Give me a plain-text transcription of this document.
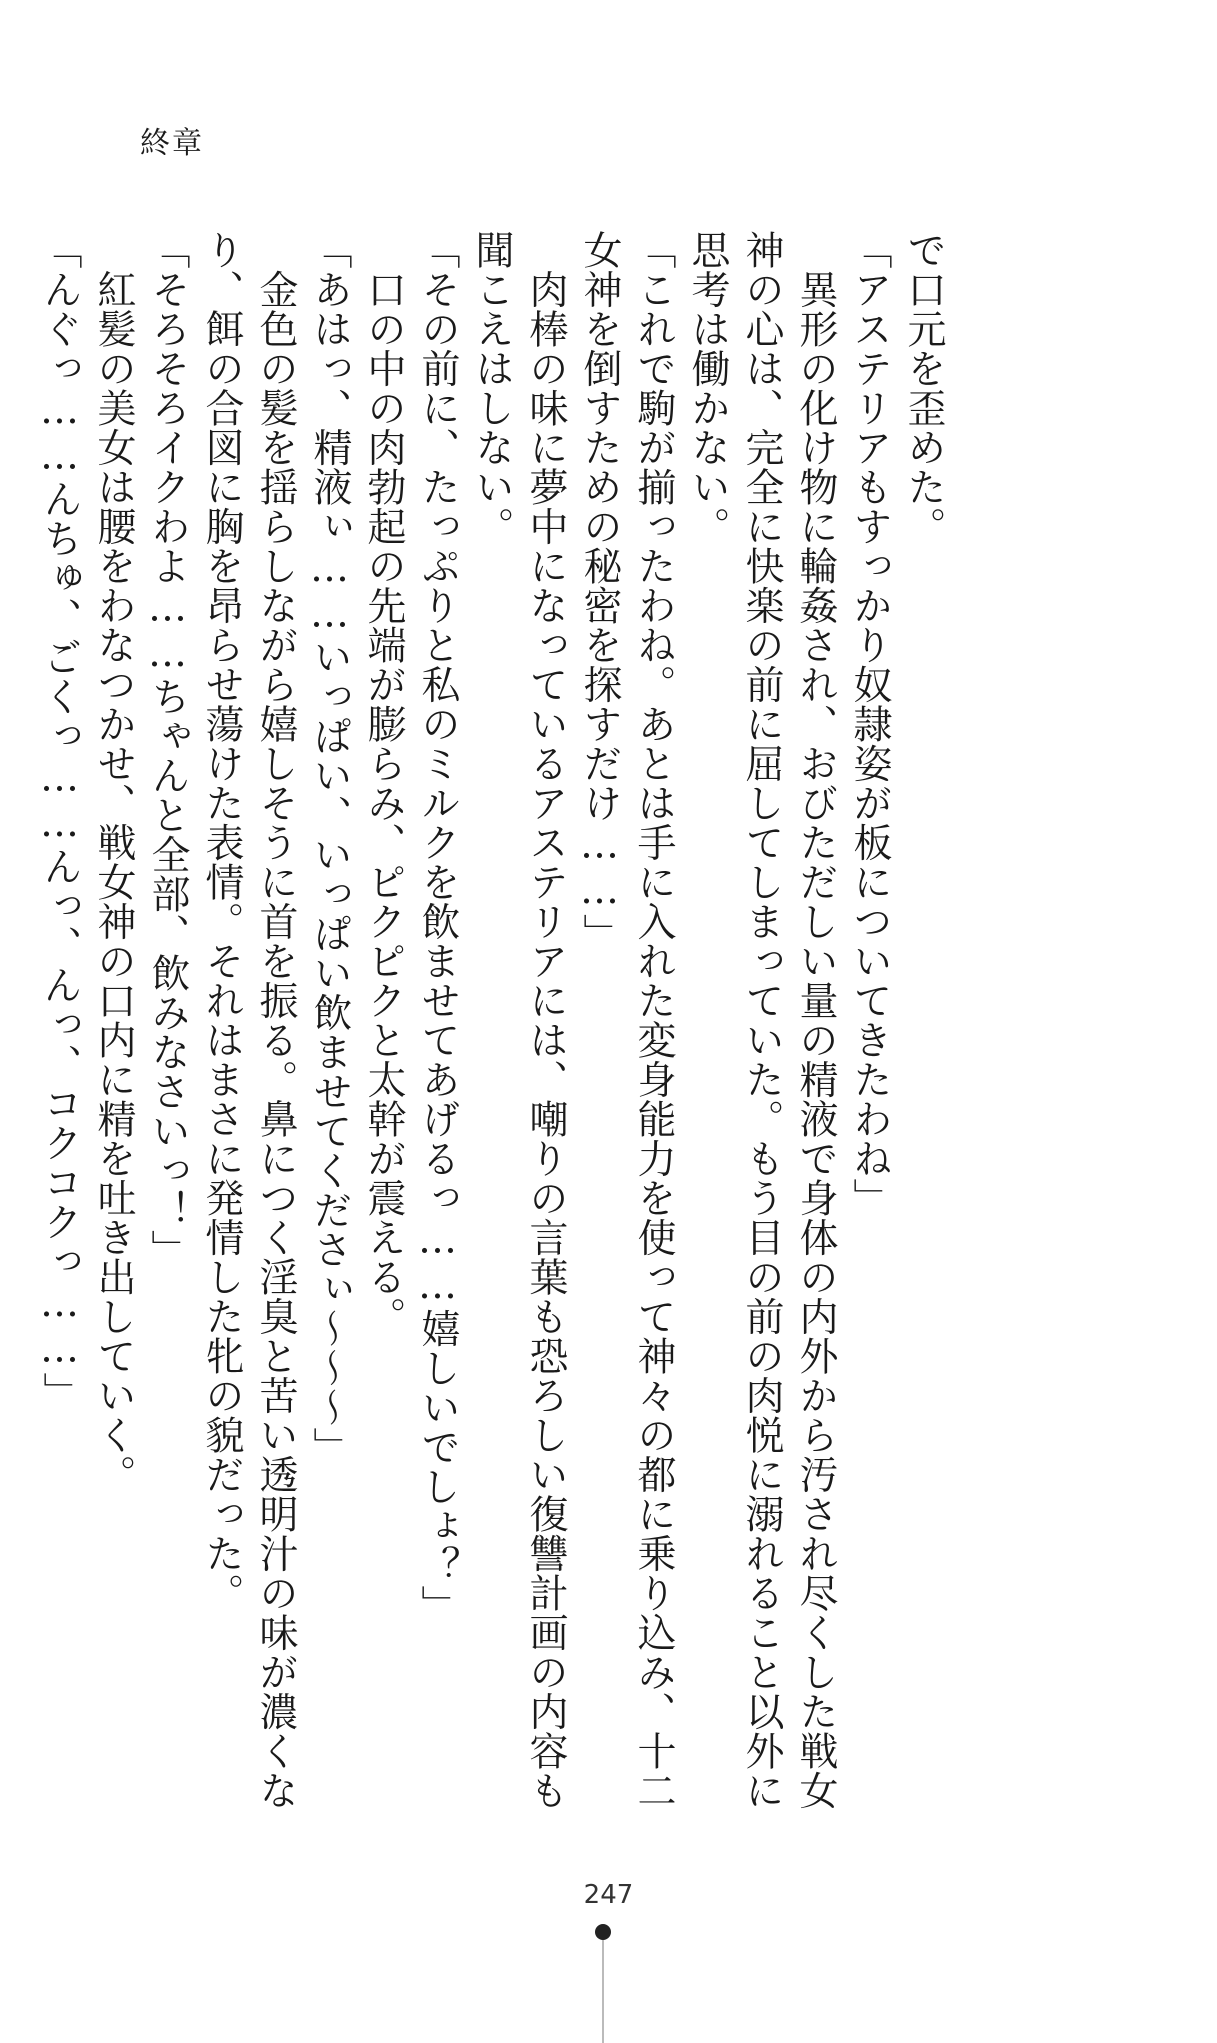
終章

で口元を歪めた。

「アステリアもすっかり奴隷姿が板についてきたわね」

　異形の化け物に輪姦され、おびただしい量の精液で身体の内外から汚され尽くした戦女

神の心は、完全に快楽の前に屈してしまっていた。もう目の前の肉悦に溺れること以外に

思考は働かない。

「これで駒が揃ったわね。あとは手に入れた変身能力を使って神々の都に乗り込み、十二

女神を倒すための秘密を探すだけ……」

　肉棒の味に夢中になっているアステリアには、嘲りの言葉も恐ろしい復讐計画の内容も

聞こえはしない。

「その前に、たっぷりと私のミルクを飲ませてあげるっ……嬉しいでしょ？」

　口の中の肉勃起の先端が膨らみ、ピクピクと太幹が震える。

「あはっ、精液ぃ……いっぱい、いっぱい飲ませてくださぃ～～～」

　金色の髪を揺らしながら嬉しそうに首を振る。鼻につく淫臭と苦い透明汁の味が濃くな

り、餌の合図に胸を昂らせ蕩けた表情。それはまさに発情した牝の貌だった。

「そろそろイクわよ……ちゃんと全部、飲みなさいっ！」

　紅髪の美女は腰をわなつかせ、戦女神の口内に精を吐き出していく。

「んぐっ……んちゅ、ごくっ……んっ、んっ、コクコクっ……」

247
